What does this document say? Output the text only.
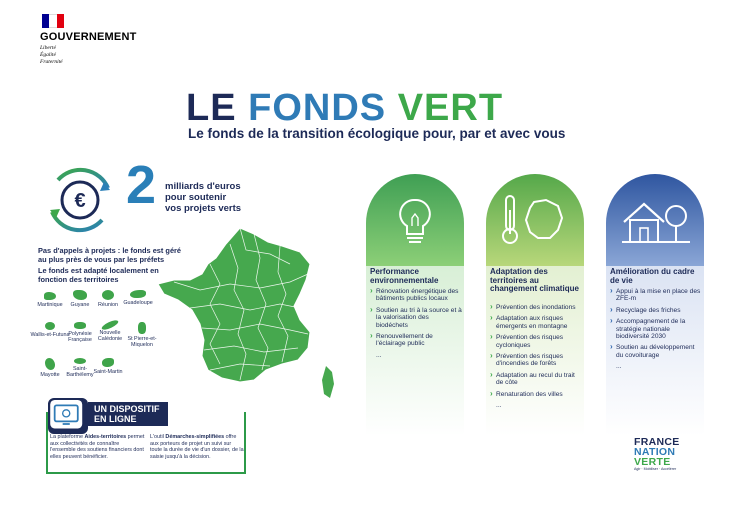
GOUVERNEMENT
Liberté
Égalité
Fraternité
LE FONDS VERT
Le fonds de la transition écologique pour, par et avec vous
€ 2 milliards d'euros
pour soutenir
vos projets verts
Pas d'appels à projets : le fonds est géré au plus près de vous par les préfets
Le fonds est adapté localement en fonction des territoires
Martinique	Guyane	Réunion Guadeloupe
Wallis-et-Futuna
Polynésie Française
Nouvelle Calédonie St Pierre-et-Miquelon
Mayotte
Saint-Barthélemy
Saint-Martin
UN DISPOSITIF EN LIGNE
La plateforme Aides-territoires permet aux collectivités de connaître l'ensemble des soutiens financiers dont elles peuvent bénéficier.
L'outil Démarches-simplifiées offre aux porteurs de projet un suivi sur toute la durée de vie d'un dossier, de la saisie jusqu'à la décision.
Performance environnementale
› Rénovation énergétique des bâtiments publics locaux
› Soutien au tri à la source et à la valorisation des biodéchets
› Renouvellement de l'éclairage public
...
Adaptation des territoires au changement climatique
› Prévention des inondations
› Adaptation aux risques émergents en montagne
› Prévention des risques cycloniques
› Prévention des risques d'incendies de forêts
› Adaptation au recul du trait de côte
› Renaturation des villes
...
Amélioration du cadre de vie
› Appui à la mise en place des ZFE-m
› Recyclage des friches
› Accompagnement de la stratégie nationale biodiversité 2030
› Soutien au développement du covoiturage
...
FRANCE
NATION
VERTE
Agir · Mobiliser · Accélérer
